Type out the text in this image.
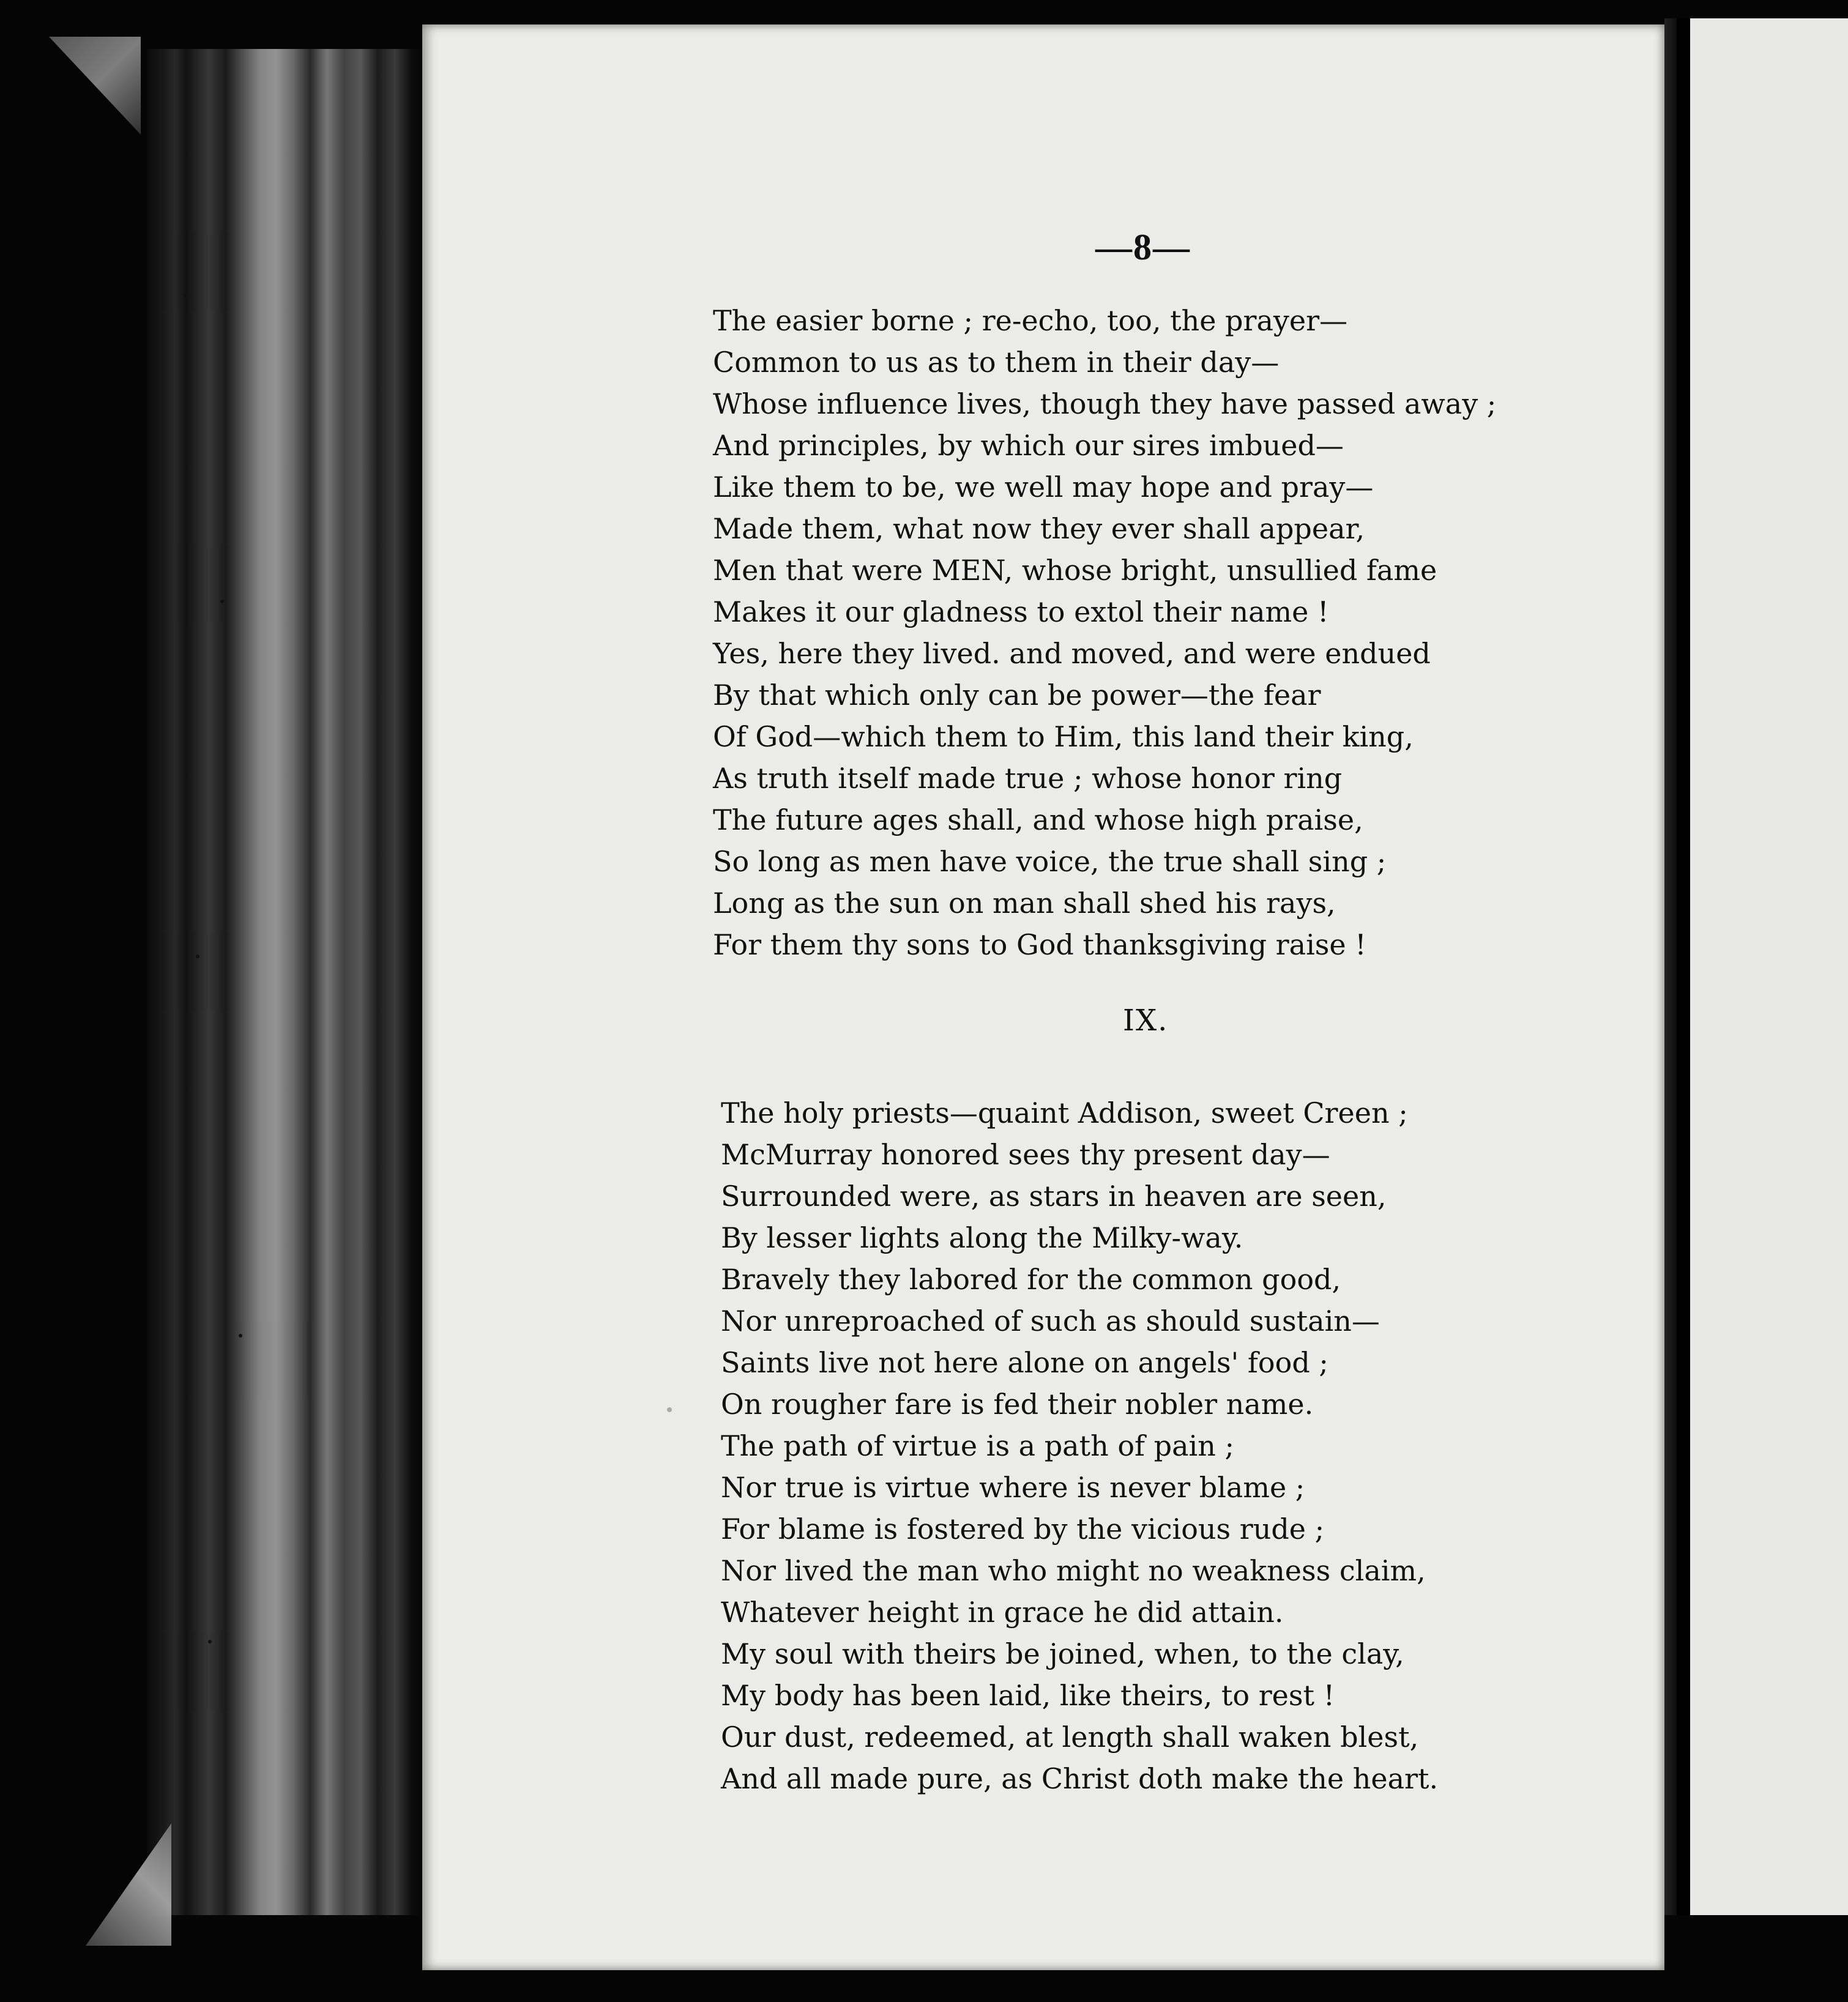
—8—
The easier borne ; re-echo, too, the prayer—
Common to us as to them in their day—
Whose influence lives, though they have passed away ;
And principles, by which our sires imbued—
Like them to be, we well may hope and pray—
Made them, what now they ever shall appear,
Men that were MEN, whose bright, unsullied fame
Makes it our gladness to extol their name !
Yes, here they lived. and moved, and were endued
By that which only can be power—the fear
Of God—which them to Him, this land their king,
As truth itself made true ; whose honor ring
The future ages shall, and whose high praise,
So long as men have voice, the true shall sing ;
Long as the sun on man shall shed his rays,
For them thy sons to God thanksgiving raise !
IX.
The holy priests—quaint Addison, sweet Creen ;
McMurray honored sees thy present day—
Surrounded were, as stars in heaven are seen,
By lesser lights along the Milky-way.
Bravely they labored for the common good,
Nor unreproached of such as should sustain—
Saints live not here alone on angels' food ;
On rougher fare is fed their nobler name.
The path of virtue is a path of pain ;
Nor true is virtue where is never blame ;
For blame is fostered by the vicious rude ;
Nor lived the man who might no weakness claim,
Whatever height in grace he did attain.
My soul with theirs be joined, when, to the clay,
My body has been laid, like theirs, to rest !
Our dust, redeemed, at length shall waken blest,
And all made pure, as Christ doth make the heart.
